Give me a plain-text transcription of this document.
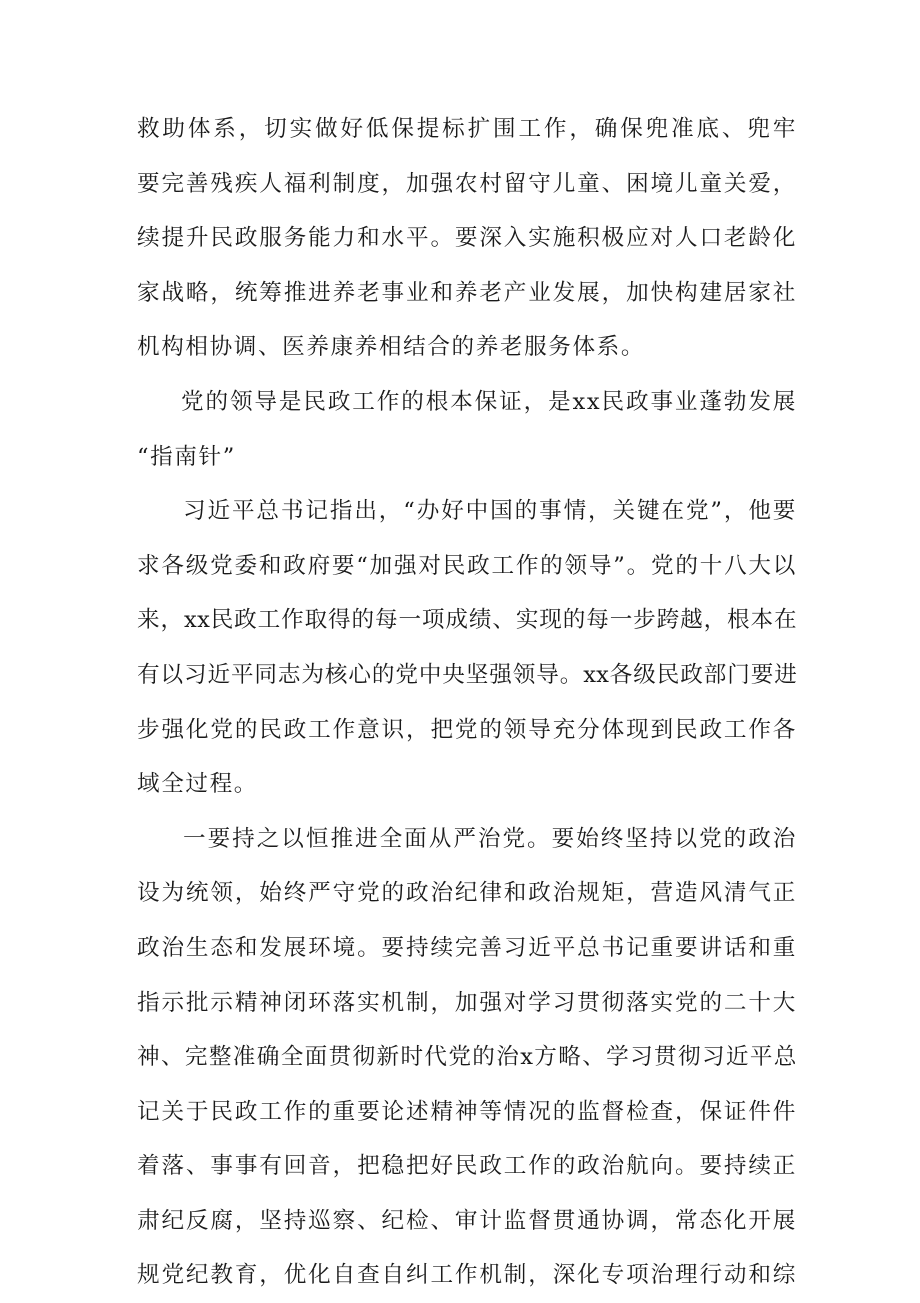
救助体系，切实做好低保提标扩围工作，确保兜准底、兜牢
要完善残疾人福利制度，加强农村留守儿童、困境儿童关爱，
续提升民政服务能力和水平。要深入实施积极应对人口老龄化
家战略，统筹推进养老事业和养老产业发展，加快构建居家社
机构相协调、医养康养相结合的养老服务体系。
党的领导是民政工作的根本保证，是xx民政事业蓬勃发展
“指南针”
习近平总书记指出，“办好中国的事情，关键在党”，他要
求各级党委和政府要“加强对民政工作的领导”。党的十八大以
来，xx民政工作取得的每一项成绩、实现的每一步跨越，根本在
有以习近平同志为核心的党中央坚强领导。xx各级民政部门要进
步强化党的民政工作意识，把党的领导充分体现到民政工作各
域全过程。
一要持之以恒推进全面从严治党。要始终坚持以党的政治
设为统领，始终严守党的政治纪律和政治规矩，营造风清气正
政治生态和发展环境。要持续完善习近平总书记重要讲话和重
指示批示精神闭环落实机制，加强对学习贯彻落实党的二十大
神、完整准确全面贯彻新时代党的治x方略、学习贯彻习近平总
记关于民政工作的重要论述精神等情况的监督检查，保证件件
着落、事事有回音，把稳把好民政工作的政治航向。要持续正
肃纪反腐，坚持巡察、纪检、审计监督贯通协调，常态化开展
规党纪教育，优化自查自纠工作机制，深化专项治理行动和综
